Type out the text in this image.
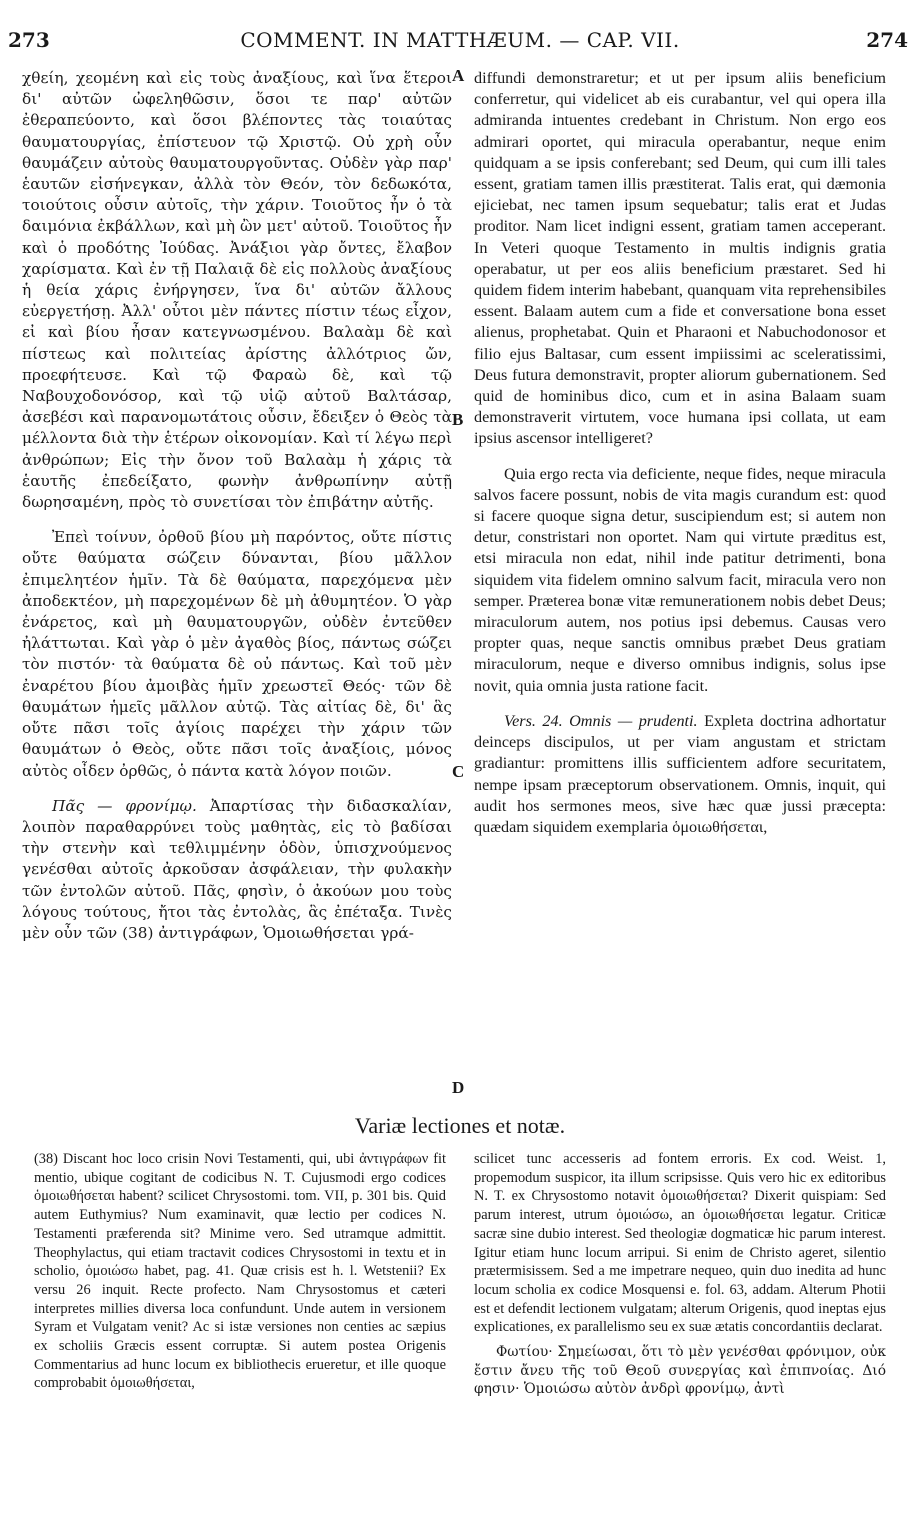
273	COMMENT. IN MATTHÆUM. — CAP. VII.	274

χθείη, χεομένη καὶ εἰς τοὺς ἀναξίους, καὶ ἵνα ἕτεροι δι' αὐτῶν ὠφεληθῶσιν, ὅσοι τε παρ' αὐτῶν ἐθεραπεύοντο, καὶ ὅσοι βλέποντες τὰς τοιαύτας θαυματουργίας, ἐπίστευον τῷ Χριστῷ. Οὐ χρὴ οὖν θαυμάζειν αὐτοὺς θαυματουργοῦντας. Οὐδὲν γὰρ παρ' ἑαυτῶν εἰσήνεγκαν, ἀλλὰ τὸν Θεόν, τὸν δεδωκότα, τοιούτοις οὖσιν αὐτοῖς, τὴν χάριν. Τοιοῦτος ἦν ὁ τὰ δαιμόνια ἐκβάλλων, καὶ μὴ ὢν μετ' αὐτοῦ. Τοιοῦτος ἦν καὶ ὁ προδότης Ἰούδας. Ἀνάξιοι γὰρ ὄντες, ἔλαβον χαρίσματα. Καὶ ἐν τῇ Παλαιᾷ δὲ εἰς πολλοὺς ἀναξίους ἡ θεία χάρις ἐνήργησεν, ἵνα δι' αὐτῶν ἄλλους εὐεργετήσῃ. Ἀλλ' οὗτοι μὲν πάντες πίστιν τέως εἶχον, εἰ καὶ βίου ἦσαν κατεγνωσμένου. Βαλαὰμ δὲ καὶ πίστεως καὶ πολιτείας ἀρίστης ἀλλότριος ὤν, προεφήτευσε. Καὶ τῷ Φαραὼ δὲ, καὶ τῷ Ναβουχοδονόσορ, καὶ τῷ υἱῷ αὐτοῦ Βαλτάσαρ, ἀσεβέσι καὶ παρανομωτάτοις οὖσιν, ἔδειξεν ὁ Θεὸς τὰ μέλλοντα διὰ τὴν ἑτέρων οἰκονομίαν. Καὶ τί λέγω περὶ ἀνθρώπων; Εἰς τὴν ὄνον τοῦ Βαλαὰμ ἡ χάρις τὰ ἑαυτῆς ἐπεδείξατο, φωνὴν ἀνθρωπίνην αὐτῇ δωρησαμένη, πρὸς τὸ συνετίσαι τὸν ἐπιβάτην αὐτῆς.

Ἐπεὶ τοίνυν, ὀρθοῦ βίου μὴ παρόντος, οὔτε πίστις οὔτε θαύματα σώζειν δύνανται, βίου μᾶλλον ἐπιμελητέον ἡμῖν. Τὰ δὲ θαύματα, παρεχόμενα μὲν ἀποδεκτέον, μὴ παρεχομένων δὲ μὴ ἀθυμητέον. Ὁ γὰρ ἐνάρετος, καὶ μὴ θαυματουργῶν, οὐδὲν ἐντεῦθεν ἠλάττωται. Καὶ γὰρ ὁ μὲν ἀγαθὸς βίος, πάντως σώζει τὸν πιστόν· τὰ θαύματα δὲ οὐ πάντως. Καὶ τοῦ μὲν ἐναρέτου βίου ἀμοιβὰς ἡμῖν χρεωστεῖ Θεός· τῶν δὲ θαυμάτων ἡμεῖς μᾶλλον αὐτῷ. Τὰς αἰτίας δὲ, δι' ἃς οὔτε πᾶσι τοῖς ἁγίοις παρέχει τὴν χάριν τῶν θαυμάτων ὁ Θεὸς, οὔτε πᾶσι τοῖς ἀναξίοις, μόνος αὐτὸς οἶδεν ὀρθῶς, ὁ πάντα κατὰ λόγον ποιῶν.

Πᾶς — φρονίμῳ. Ἀπαρτίσας τὴν διδασκαλίαν, λοιπὸν παραθαρρύνει τοὺς μαθητὰς, εἰς τὸ βαδίσαι τὴν στενὴν καὶ τεθλιμμένην ὁδὸν, ὑπισχνούμενος γενέσθαι αὐτοῖς ἀρκοῦσαν ἀσφάλειαν, τὴν φυλακὴν τῶν ἐντολῶν αὐτοῦ. Πᾶς, φησὶν, ὁ ἀκούων μου τοὺς λόγους τούτους, ἤτοι τὰς ἐντολὰς, ἃς ἐπέταξα. Τινὲς μὲν οὖν τῶν (38) ἀντιγράφων, Ὁμοιωθήσεται γρά-

diffundi demonstraretur; et ut per ipsum aliis beneficium conferretur, qui videlicet ab eis curabantur, vel qui opera illa admiranda intuentes credebant in Christum. Non ergo eos admirari oportet, qui miracula operabantur, neque enim quidquam a se ipsis conferebant; sed Deum, qui cum illi tales essent, gratiam tamen illis præstiterat. Talis erat, qui dæmonia ejiciebat, nec tamen ipsum sequebatur; talis erat et Judas proditor. Nam licet indigni essent, gratiam tamen acceperant. In Veteri quoque Testamento in multis indignis gratia operabatur, ut per eos aliis beneficium præstaret. Sed hi quidem fidem interim habebant, quanquam vita reprehensibiles essent. Balaam autem cum a fide et conversatione bona esset alienus, prophetabat. Quin et Pharaoni et Nabuchodonosor et filio ejus Baltasar, cum essent impiissimi ac sceleratissimi, Deus futura demonstravit, propter aliorum gubernationem. Sed quid de hominibus dico, cum et in asina Balaam suam demonstraverit virtutem, voce humana ipsi collata, ut eam ipsius ascensor intelligeret?

Quia ergo recta via deficiente, neque fides, neque miracula salvos facere possunt, nobis de vita magis curandum est: quod si facere quoque signa detur, suscipiendum est; si autem non detur, constristari non oportet. Nam qui virtute præditus est, etsi miracula non edat, nihil inde patitur detrimenti, bona siquidem vita fidelem omnino salvum facit, miracula vero non semper. Præterea bonæ vitæ remunerationem nobis debet Deus; miraculorum autem, nos potius ipsi debemus. Causas vero propter quas, neque sanctis omnibus præbet Deus gratiam miraculorum, neque e diverso omnibus indignis, solus ipse novit, quia omnia justa ratione facit.

Vers. 24. Omnis — prudenti. Expleta doctrina adhortatur deinceps discipulos, ut per viam angustam et strictam gradiantur: promittens illis sufficientem adfore securitatem, nempe ipsam præceptorum observationem. Omnis, inquit, qui audit hos sermones meos, sive hæc quæ jussi præcepta: quædam siquidem exemplaria ὁμοιωθήσεται,

A
B
C
D
Variæ lectiones et notæ.

(38) Discant hoc loco crisin Novi Testamenti, qui, ubi ἀντιγράφων fit mentio, ubique cogitant de codicibus N. T. Cujusmodi ergo codices ὁμοιωθήσεται habent? scilicet Chrysostomi. tom. VII, p. 301 bis. Quid autem Euthymius? Num examinavit, quæ lectio per codices N. Testamenti præferenda sit? Minime vero. Sed utramque admittit. Theophylactus, qui etiam tractavit codices Chrysostomi in textu et in scholio, ὁμοιώσω habet, pag. 41. Quæ crisis est h. l. Wetstenii? Ex versu 26 inquit. Recte profecto. Nam Chrysostomus et cæteri interpretes millies diversa loca confundunt. Unde autem in versionem Syram et Vulgatam venit? Ac si istæ versiones non centies ac sæpius ex scholiis Græcis essent corruptæ. Si autem postea Origenis Commentarius ad hunc locum ex bibliothecis erueretur, et ille quoque comprobabit ὁμοιωθήσεται,

scilicet tunc accesseris ad fontem erroris. Ex cod. Weist. 1, propemodum suspicor, ita illum scripsisse. Quis vero hic ex editoribus N. T. ex Chrysostomo notavit ὁμοιωθήσεται? Dixerit quispiam: Sed parum interest, utrum ὁμοιώσω, an ὁμοιωθήσεται legatur. Criticæ sacræ sine dubio interest. Sed theologiæ dogmaticæ hic parum interest. Igitur etiam hunc locum arripui. Si enim de Christo ageret, silentio prætermisissem. Sed a me impetrare nequeo, quin duo inedita ad hunc locum scholia ex codice Mosquensi e. fol. 63, addam. Alterum Photii est et defendit lectionem vulgatam; alterum Origenis, quod ineptas ejus explicationes, ex parallelismo seu ex suæ ætatis concordantiis declarat.

Φωτίου· Σημείωσαι, ὅτι τὸ μὲν γενέσθαι φρόνιμον, οὐκ ἔστιν ἄνευ τῆς τοῦ Θεοῦ συνεργίας καὶ ἐπιπνοίας. Διό φησιν· Ὁμοιώσω αὐτὸν ἀνδρὶ φρονίμῳ, ἀντὶ
